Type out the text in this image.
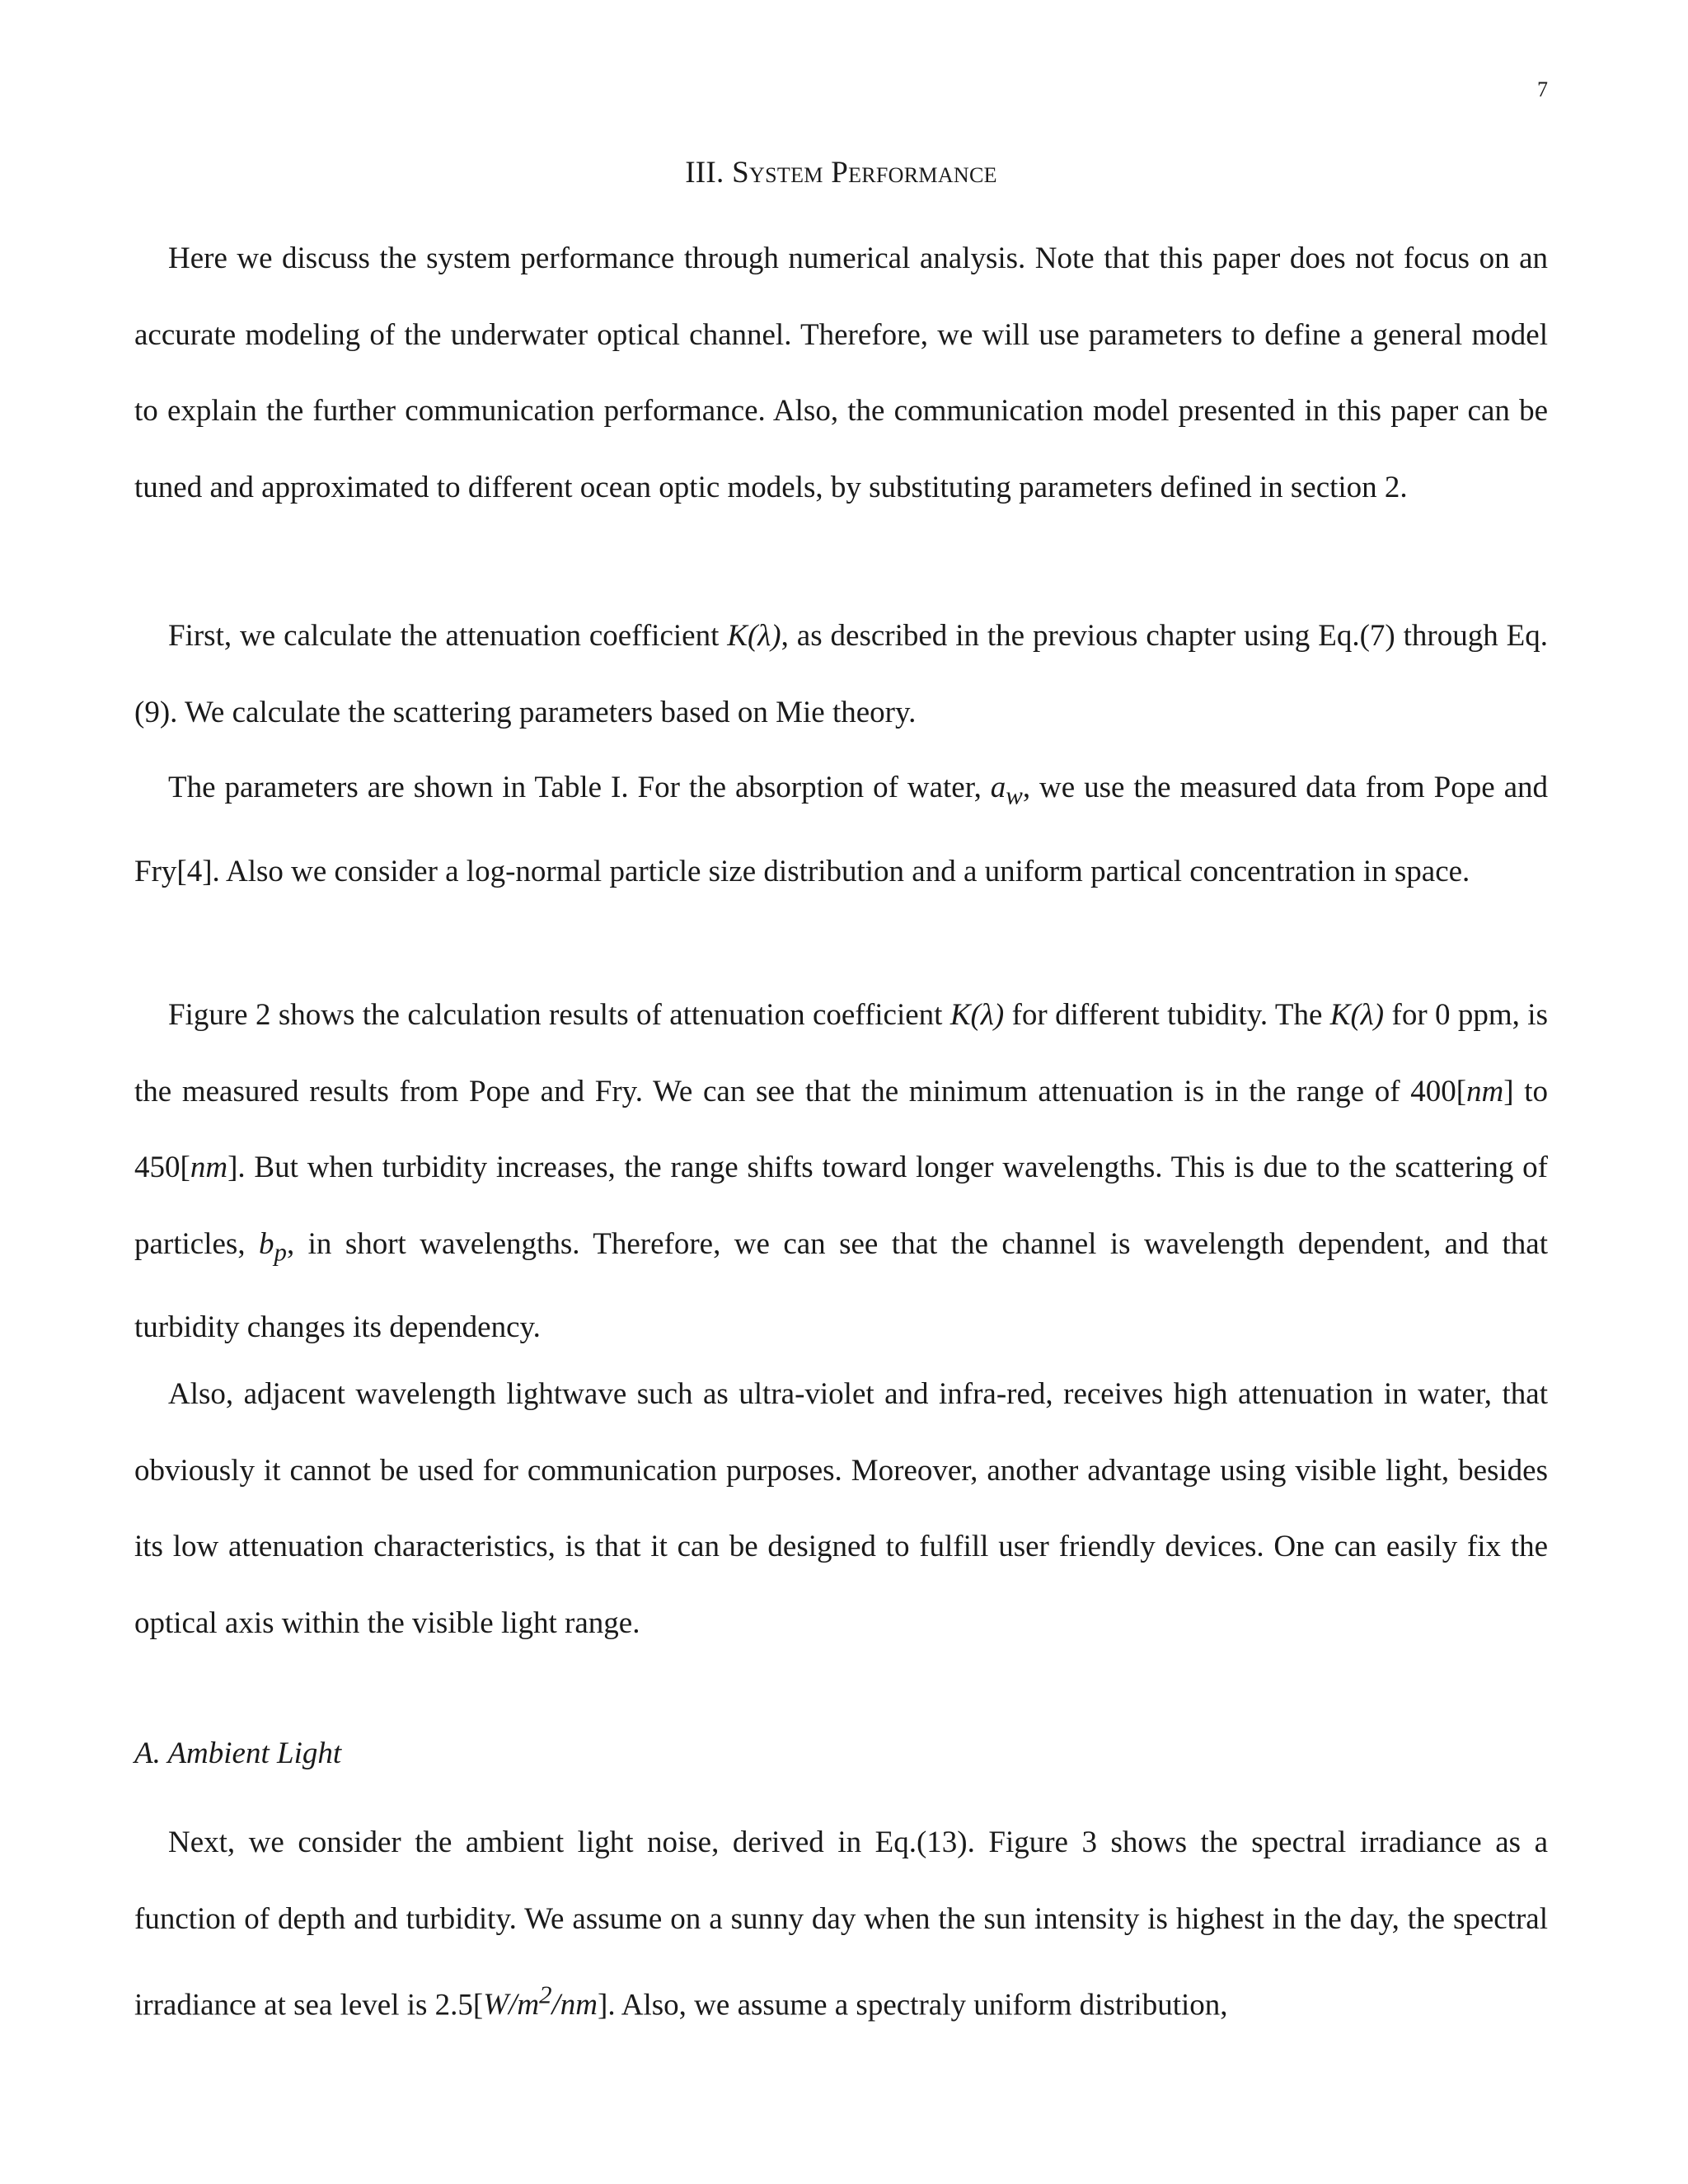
7
III. System Performance

Here we discuss the system performance through numerical analysis. Note that this paper does not focus on an accurate modeling of the underwater optical channel. Therefore, we will use parameters to define a general model to explain the further communication performance. Also, the communication model presented in this paper can be tuned and approximated to different ocean optic models, by substituting parameters defined in section 2.

First, we calculate the attenuation coefficient K(λ), as described in the previous chapter using Eq.(7) through Eq.(9). We calculate the scattering parameters based on Mie theory.

The parameters are shown in Table I. For the absorption of water, $a_w$, we use the measured data from Pope and Fry[4]. Also we consider a log-normal particle size distribution and a uniform partical concentration in space.

Figure 2 shows the calculation results of attenuation coefficient K(λ) for different tubidity. The K(λ) for 0 ppm, is the measured results from Pope and Fry. We can see that the minimum attenuation is in the range of 400[nm] to 450[nm]. But when turbidity increases, the range shifts toward longer wavelengths. This is due to the scattering of particles, $b_p$, in short wavelengths. Therefore, we can see that the channel is wavelength dependent, and that turbidity changes its dependency.

Also, adjacent wavelength lightwave such as ultra-violet and infra-red, receives high attenuation in water, that obviously it cannot be used for communication purposes. Moreover, another advantage using visible light, besides its low attenuation characteristics, is that it can be designed to fulfill user friendly devices. One can easily fix the optical axis within the visible light range.

A. Ambient Light

Next, we consider the ambient light noise, derived in Eq.(13). Figure 3 shows the spectral irradiance as a function of depth and turbidity. We assume on a sunny day when the sun intensity is highest in the day, the spectral irradiance at sea level is $2.5[W/m^2/nm]$. Also, we assume a spectraly uniform distribution,
